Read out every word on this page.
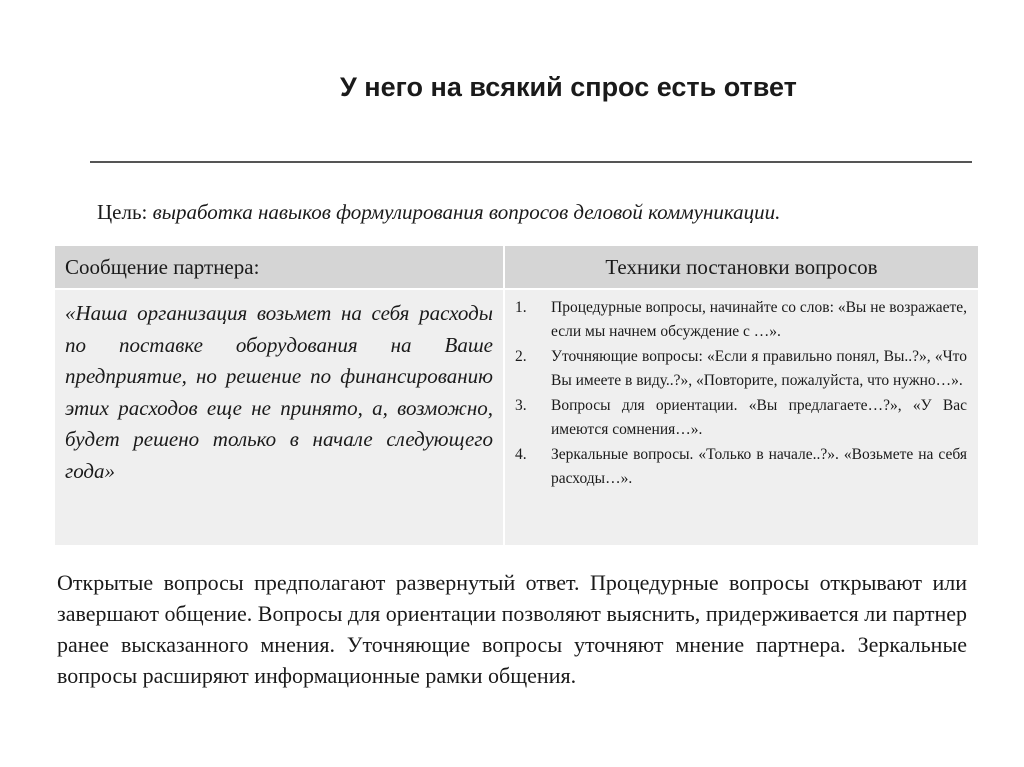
У него на всякий спрос есть ответ
Цель: выработка навыков формулирования вопросов деловой коммуникации.
Сообщение партнера:	Техники постановки вопросов
«Наша организация возьмет на себя расходы по поставке оборудования на Ваше предприятие, но решение по финансированию этих расходов еще не принято, а, возможно, будет решено только в начале следующего года»
1. Процедурные вопросы, начинайте со слов: «Вы не возражаете, если мы начнем обсуждение с …».
2. Уточняющие вопросы: «Если я правильно понял, Вы..?», «Что Вы имеете в виду..?», «Повторите, пожалуйста, что нужно…».
3. Вопросы для ориентации. «Вы предлагаете…?», «У Вас имеются сомнения…».
4. Зеркальные вопросы. «Только в начале..?». «Возьмете на себя расходы…».
Открытые вопросы предполагают развернутый ответ. Процедурные вопросы открывают или завершают общение. Вопросы для ориентации позволяют выяснить, придерживается ли партнер ранее высказанного мнения. Уточняющие вопросы уточняют мнение партнера. Зеркальные вопросы расширяют информационные рамки общения.
